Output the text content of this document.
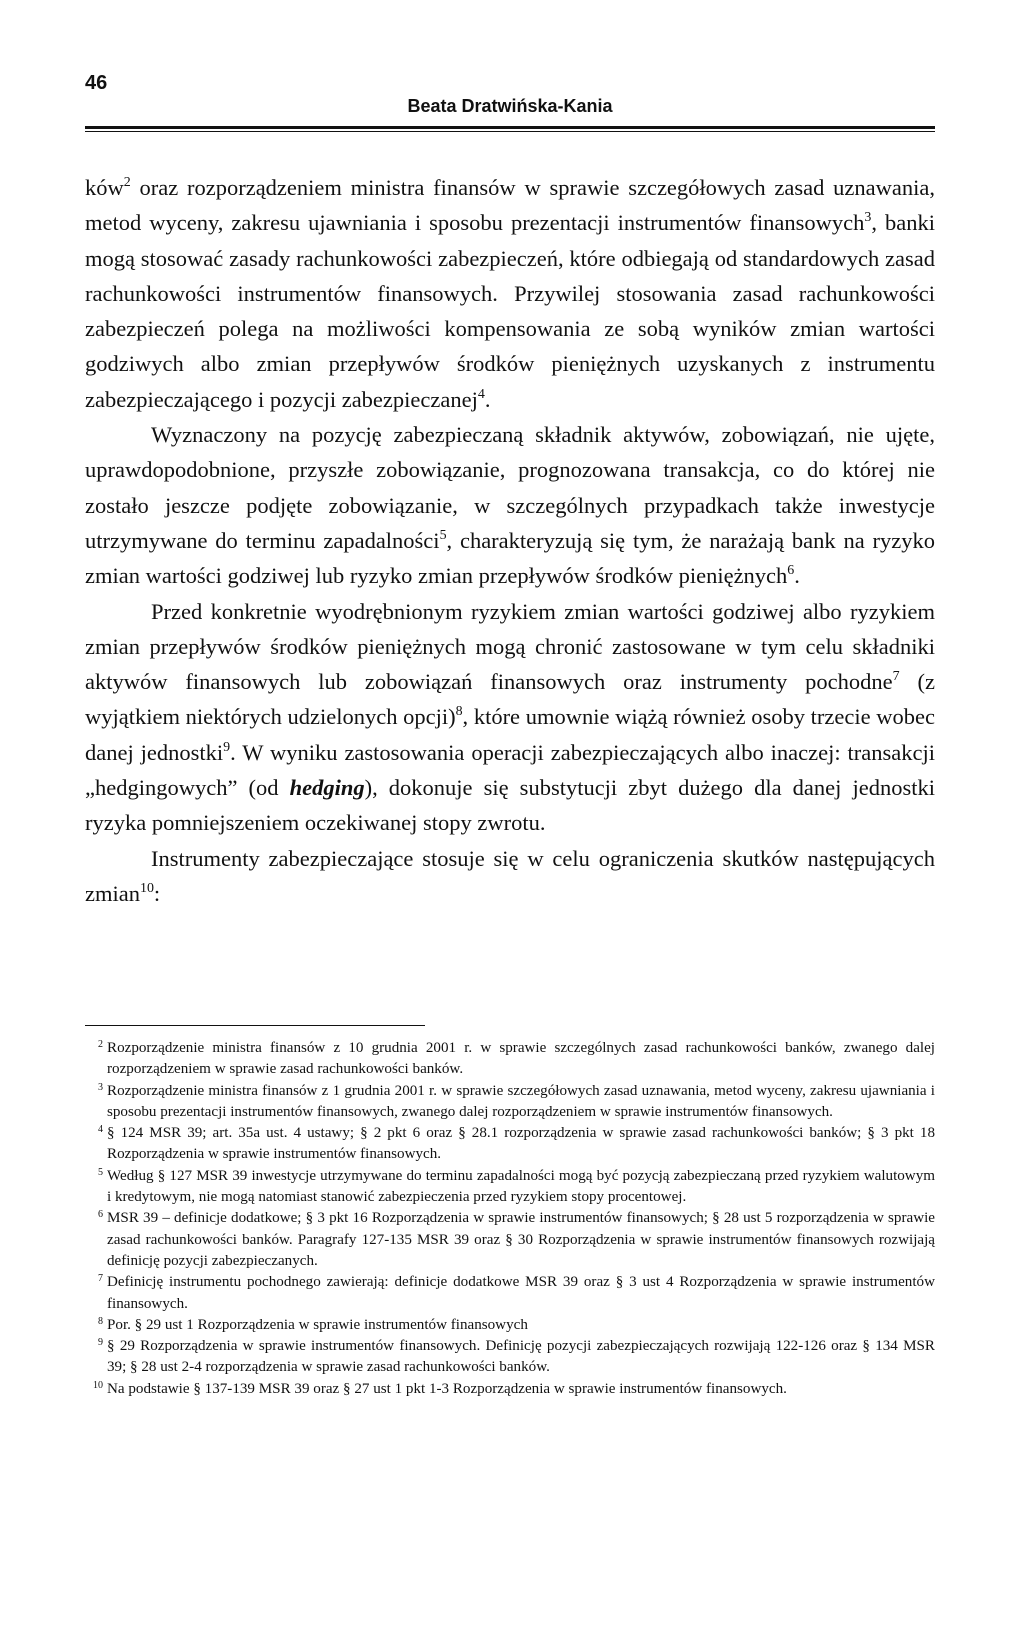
46
Beata Dratwińska-Kania

ków$^2$ oraz rozporządzeniem ministra finansów w sprawie szczegółowych zasad uznawania, metod wyceny, zakresu ujawniania i sposobu prezentacji instrumentów finansowych$^3$, banki mogą stosować zasady rachunkowości zabezpieczeń, które odbiegają od standardowych zasad rachunkowości instrumentów finansowych. Przywilej stosowania zasad rachunkowości zabezpieczeń polega na możliwości kompensowania ze sobą wyników zmian wartości godziwych albo zmian przepływów środków pieniężnych uzyskanych z instrumentu zabezpieczającego i pozycji zabezpieczanej$^4$.

Wyznaczony na pozycję zabezpieczaną składnik aktywów, zobowiązań, nie ujęte, uprawdopodobnione, przyszłe zobowiązanie, prognozowana transakcja, co do której nie zostało jeszcze podjęte zobowiązanie, w szczególnych przypadkach także inwestycje utrzymywane do terminu zapadalności$^5$, charakteryzują się tym, że narażają bank na ryzyko zmian wartości godziwej lub ryzyko zmian przepływów środków pieniężnych$^6$.

Przed konkretnie wyodrębnionym ryzykiem zmian wartości godziwej albo ryzykiem zmian przepływów środków pieniężnych mogą chronić zastosowane w tym celu składniki aktywów finansowych lub zobowiązań finansowych oraz instrumenty pochodne$^7$ (z wyjątkiem niektórych udzielonych opcji)$^8$, które umownie wiążą również osoby trzecie wobec danej jednostki$^9$. W wyniku zastosowania operacji zabezpieczających albo inaczej: transakcji „hedgingowych” (od hedging), dokonuje się substytucji zbyt dużego dla danej jednostki ryzyka pomniejszeniem oczekiwanej stopy zwrotu.

Instrumenty zabezpieczające stosuje się w celu ograniczenia skutków następujących zmian$^{10}$:

2 Rozporządzenie ministra finansów z 10 grudnia 2001 r. w sprawie szczególnych zasad rachunkowości banków, zwanego dalej rozporządzeniem w sprawie zasad rachunkowości banków.
3 Rozporządzenie ministra finansów z 1 grudnia 2001 r. w sprawie szczegółowych zasad uznawania, metod wyceny, zakresu ujawniania i sposobu prezentacji instrumentów finansowych, zwanego dalej rozporządzeniem w sprawie instrumentów finansowych.
4 § 124 MSR 39; art. 35a ust. 4 ustawy; § 2 pkt 6 oraz § 28.1 rozporządzenia w sprawie zasad rachunkowości banków; § 3 pkt 18 Rozporządzenia w sprawie instrumentów finansowych.
5 Według § 127 MSR 39 inwestycje utrzymywane do terminu zapadalności mogą być pozycją zabezpieczaną przed ryzykiem walutowym i kredytowym, nie mogą natomiast stanowić zabezpieczenia przed ryzykiem stopy procentowej.
6 MSR 39 – definicje dodatkowe; § 3 pkt 16 Rozporządzenia w sprawie instrumentów finansowych; § 28 ust 5 rozporządzenia w sprawie zasad rachunkowości banków. Paragrafy 127-135 MSR 39 oraz § 30 Rozporządzenia w sprawie instrumentów finansowych rozwijają definicję pozycji zabezpieczanych.
7 Definicję instrumentu pochodnego zawierają: definicje dodatkowe MSR 39 oraz § 3 ust 4 Rozporządzenia w sprawie instrumentów finansowych.
8 Por. § 29 ust 1 Rozporządzenia w sprawie instrumentów finansowych
9 § 29 Rozporządzenia w sprawie instrumentów finansowych. Definicję pozycji zabezpieczających rozwijają 122-126 oraz § 134 MSR 39; § 28 ust 2-4 rozporządzenia w sprawie zasad rachunkowości banków.
10 Na podstawie § 137-139 MSR 39 oraz § 27 ust 1 pkt 1-3 Rozporządzenia w sprawie instrumentów finansowych.
